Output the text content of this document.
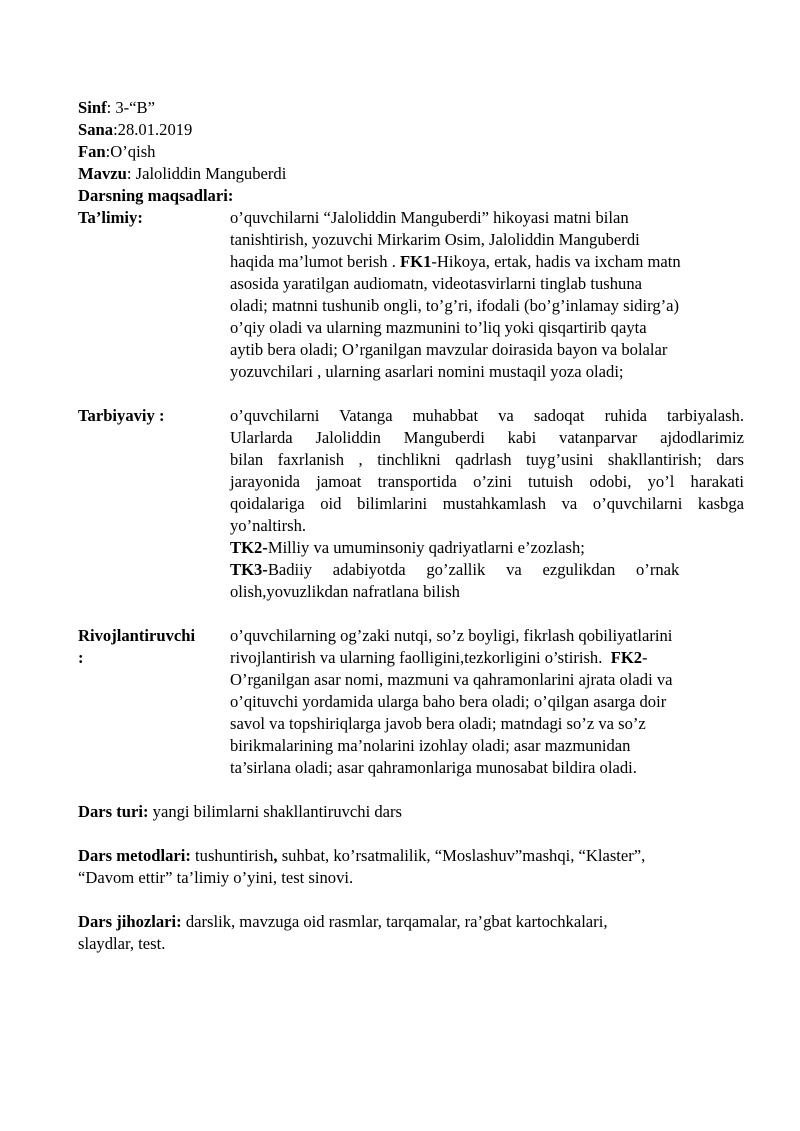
Sinf: 3-“B”
Sana:28.01.2019
Fan:O’qish
Mavzu: Jaloliddin Manguberdi
Darsning maqsadlari:
Ta’limiy:	o’quvchilarni “Jaloliddin Manguberdi” hikoyasi matni bilan
tanishtirish, yozuvchi Mirkarim Osim, Jaloliddin Manguberdi
haqida ma’lumot berish . FK1-Hikoya, ertak, hadis va ixcham matn
asosida yaratilgan audiomatn, videotasvirlarni tinglab tushuna
oladi; matnni tushunib ongli, to’g’ri, ifodali (bo’g’inlamay sidirg’a)
o’qiy oladi va ularning mazmunini to’liq yoki qisqartirib qayta
aytib bera oladi; O’rganilgan mavzular doirasida bayon va bolalar
yozuvchilari , ularning asarlari nomini mustaqil yoza oladi;
Tarbiyaviy :	o’quvchilarni Vatanga muhabbat va sadoqat ruhida tarbiyalash.
Ularlarda Jaloliddin Manguberdi kabi vatanparvar ajdodlarimiz
bilan faxrlanish , tinchlikni qadrlash tuyg’usini shakllantirish; dars
jarayonida jamoat transportida o’zini tutuish odobi, yo’l harakati
qoidalariga oid bilimlarini mustahkamlash va o’quvchilarni kasbga
yo’naltirsh.
TK2-Milliy va umuminsoniy qadriyatlarni e’zozlash;
TK3-Badiiy     adabiyotda     go’zallik     va     ezgulikdan     o’rnak
olish,yovuzlikdan nafratlana bilish
Rivojlantiruvchi
:
o’quvchilarning og’zaki nutqi, so’z boyligi, fikrlash qobiliyatlarini
rivojlantirish va ularning faolligini,tezkorligini o’stirish.  FK2-
O’rganilgan asar nomi, mazmuni va qahramonlarini ajrata oladi va
o’qituvchi yordamida ularga baho bera oladi; o’qilgan asarga doir
savol va topshiriqlarga javob bera oladi; matndagi so’z va so’z
birikmalarining ma’nolarini izohlay oladi; asar mazmunidan
ta’sirlana oladi; asar qahramonlariga munosabat bildira oladi.
Dars turi: yangi bilimlarni shakllantiruvchi dars
Dars metodlari: tushuntirish, suhbat, ko’rsatmalilik, “Moslashuv”mashqi, “Klaster”,
“Davom ettir” ta’limiy o’yini, test sinovi.
Dars jihozlari: darslik, mavzuga oid rasmlar, tarqamalar, ra’gbat kartochkalari,
slaydlar, test.
